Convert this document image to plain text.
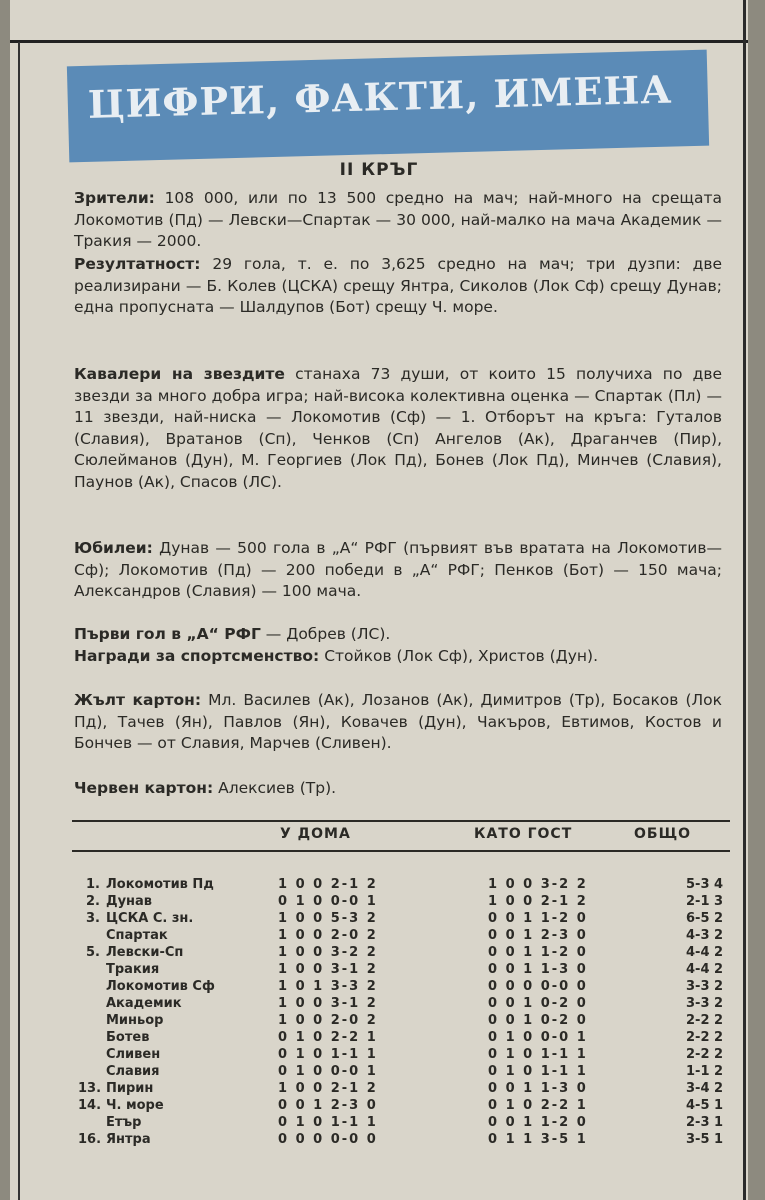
ЦИФРИ, ФАКТИ, ИМЕНА
II КРЪГ
Зрители: 108 000, или по 13 500 средно на мач; най-много на срещата Локомотив (Пд) — Левски—Спартак — 30 000, най-малко на мача Академик — Тракия — 2000.
Резултатност: 29 гола, т. е. по 3,625 средно на мач; три дузпи: две реализирани — Б. Колев (ЦСКА) срещу Янтра, Сиколов (Лок Сф) срещу Дунав; една пропусната — Шалдупов (Бот) срещу Ч. море.
Кавалери на звездите станаха 73 души, от които 15 получиха по две звезди за много добра игра; най-висока колективна оценка — Спартак (Пл) — 11 звезди, най-ниска — Локомотив (Сф) — 1. Отборът на кръга: Гуталов (Славия), Вратанов (Сп), Ченков (Сп) Ангелов (Ак), Драганчев (Пир), Сюлейманов (Дун), М. Георгиев (Лок Пд), Бонев (Лок Пд), Минчев (Славия), Паунов (Ак), Спасов (ЛС).
Юбилеи: Дунав — 500 гола в „А“ РФГ (първият във вратата на Локомотив—Сф); Локомотив (Пд) — 200 победи в „А“ РФГ; Пенков (Бот) — 150 мача; Александров (Славия) — 100 мача.
Първи гол в „А“ РФГ — Добрев (ЛС).
Награди за спортсменство: Стойков (Лок Сф), Христов (Дун).
Жълт картон: Мл. Василев (Ак), Лозанов (Ак), Димитров (Тр), Босаков (Лок Пд), Тачев (Ян), Павлов (Ян), Ковачев (Дун), Чакъров, Евтимов, Костов и Бончев — от Славия, Марчев (Сливен).
Червен картон: Алексиев (Тр).
У ДОМА	КАТО ГОСТ	ОБЩО
1. Локомотив Пд	1 0 0 2-1 2	1 0 0 3-2 2	5-3 4
2. Дунав	0 1 0 0-0 1	1 0 0 2-1 2	2-1 3
3. ЦСКА С. зн.	1 0 0 5-3 2	0 0 1 1-2 0	6-5 2
Спартак	1 0 0 2-0 2	0 0 1 2-3 0	4-3 2
5. Левски-Сп	1 0 0 3-2 2	0 0 1 1-2 0	4-4 2
Тракия	1 0 0 3-1 2	0 0 1 1-3 0	4-4 2
Локомотив Сф	1 0 1 3-3 2	0 0 0 0-0 0	3-3 2
Академик	1 0 0 3-1 2	0 0 1 0-2 0	3-3 2
Миньор	1 0 0 2-0 2	0 0 1 0-2 0	2-2 2
Ботев	0 1 0 2-2 1	0 1 0 0-0 1	2-2 2
Сливен	0 1 0 1-1 1	0 1 0 1-1 1	2-2 2
Славия	0 1 0 0-0 1	0 1 0 1-1 1	1-1 2
13. Пирин	1 0 0 2-1 2	0 0 1 1-3 0	3-4 2
14. Ч. море	0 0 1 2-3 0	0 1 0 2-2 1	4-5 1
Етър	0 1 0 1-1 1	0 0 1 1-2 0	2-3 1
16. Янтра	0 0 0 0-0 0	0 1 1 3-5 1	3-5 1
